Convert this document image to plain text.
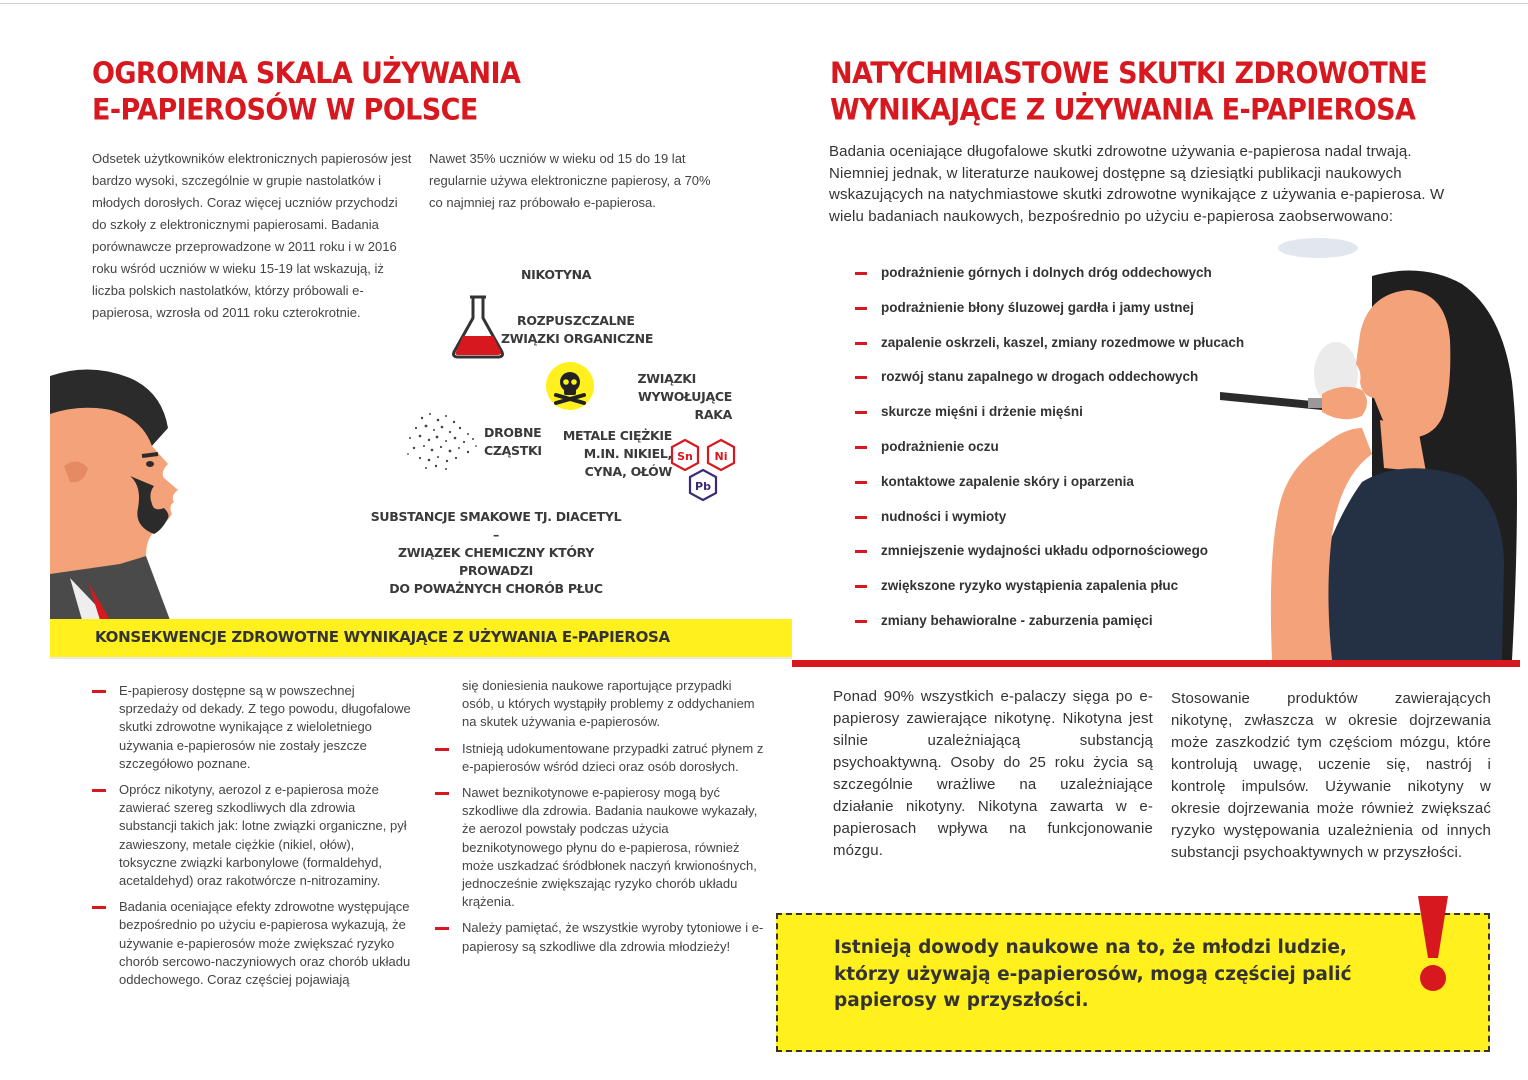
OGROMNA SKALA UŻYWANIA
E-PAPIEROSÓW W POLSCE

Odsetek użytkowników elektronicznych papierosów jest bardzo wysoki, szczególnie w grupie nastolatków i młodych dorosłych. Coraz więcej uczniów przychodzi do szkoły z elektronicznymi papierosami. Badania porównawcze przeprowadzone w 2011 roku i w 2016 roku wśród uczniów w wieku 15-19 lat wskazują, iż liczba polskich nastolatków, którzy próbowali e-papierosa, wzrosła od 2011 roku czterokrotnie.

Nawet 35% uczniów w wieku od 15 do 19 lat regularnie używa elektroniczne papierosy, a 70% co najmniej raz próbowało e-papierosa.

NIKOTYNA
ROZPUSZCZALNE
ZWIĄZKI ORGANICZNE
ZWIĄZKI
WYWOŁUJĄCE RAKA
DROBNE
CZĄSTKI
METALE CIĘŻKIE
M.IN. NIKIEL,
CYNA, OŁÓW
Sn Ni
Pb
SUBSTANCJE SMAKOWE TJ. DIACETYL –
ZWIĄZEK CHEMICZNY KTÓRY PROWADZI
DO POWAŻNYCH CHORÓB PŁUC
NATYCHMIASTOWE SKUTKI ZDROWOTNE
WYNIKAJĄCE Z UŻYWANIA E-PAPIEROSA

Badania oceniające długofalowe skutki zdrowotne używania e-papierosa nadal trwają. Niemniej jednak, w literaturze naukowej dostępne są dziesiątki publikacji naukowych wskazujących na natychmiastowe skutki zdrowotne wynikające z używania e-papierosa. W wielu badaniach naukowych, bezpośrednio po użyciu e-papierosa zaobserwowano:

podrażnienie górnych i dolnych dróg oddechowych
podrażnienie błony śluzowej gardła i jamy ustnej
zapalenie oskrzeli, kaszel, zmiany rozedmowe w płucach
rozwój stanu zapalnego w drogach oddechowych
skurcze mięśni i drżenie mięśni
podrażnienie oczu
kontaktowe zapalenie skóry i oparzenia
nudności i wymioty
zmniejszenie wydajności układu odpornościowego
zwiększone ryzyko wystąpienia zapalenia płuc
zmiany behawioralne - zaburzenia pamięci
KONSEKWENCJE ZDROWOTNE WYNIKAJĄCE Z UŻYWANIA E-PAPIEROSA
E-papierosy dostępne są w powszechnej sprzedaży od dekady. Z tego powodu, długofalowe skutki zdrowotne wynikające z wieloletniego używania e-papierosów nie zostały jeszcze szczegółowo poznane.
Oprócz nikotyny, aerozol z e-papierosa może zawierać szereg szkodliwych dla zdrowia substancji takich jak: lotne związki organiczne, pył zawieszony, metale ciężkie (nikiel, ołów), toksyczne związki karbonylowe (formaldehyd, acetaldehyd) oraz rakotwórcze n-nitrozaminy.
Badania oceniające efekty zdrowotne występujące bezpośrednio po użyciu e-papierosa wykazują, że używanie e-papierosów może zwiększać ryzyko chorób sercowo-naczyniowych oraz chorób układu oddechowego. Coraz częściej pojawiają
się doniesienia naukowe raportujące przypadki osób, u których wystąpiły problemy z oddychaniem na skutek używania e-papierosów.
Istnieją udokumentowane przypadki zatruć płynem z e-papierosów wśród dzieci oraz osób dorosłych.
Nawet beznikotynowe e-papierosy mogą być szkodliwe dla zdrowia. Badania naukowe wykazały, że aerozol powstały podczas użycia beznikotynowego płynu do e-papierosa, również może uszkadzać śródbłonek naczyń krwionośnych, jednocześnie zwiększając ryzyko chorób układu krążenia.
Należy pamiętać, że wszystkie wyroby tytoniowe i e-papierosy są szkodliwe dla zdrowia młodzieży!

Ponad 90% wszystkich e-palaczy sięga po e-papierosy zawierające nikotynę. Nikotyna jest silnie uzależniającą substancją psychoaktywną. Osoby do 25 roku życia są szczególnie wrażliwe na uzależniające działanie nikotyny. Nikotyna zawarta w e-papierosach wpływa na funkcjonowanie mózgu.

Stosowanie produktów zawierających nikotynę, zwłaszcza w okresie dojrzewania może zaszkodzić tym częściom mózgu, które kontrolują uwagę, uczenie się, nastrój i kontrolę impulsów. Używanie nikotyny w okresie dojrzewania może również zwiększać ryzyko występowania uzależnienia od innych substancji psychoaktywnych w przyszłości.

Istnieją dowody naukowe na to, że młodzi ludzie, którzy używają e-papierosów, mogą częściej palić papierosy w przyszłości.
